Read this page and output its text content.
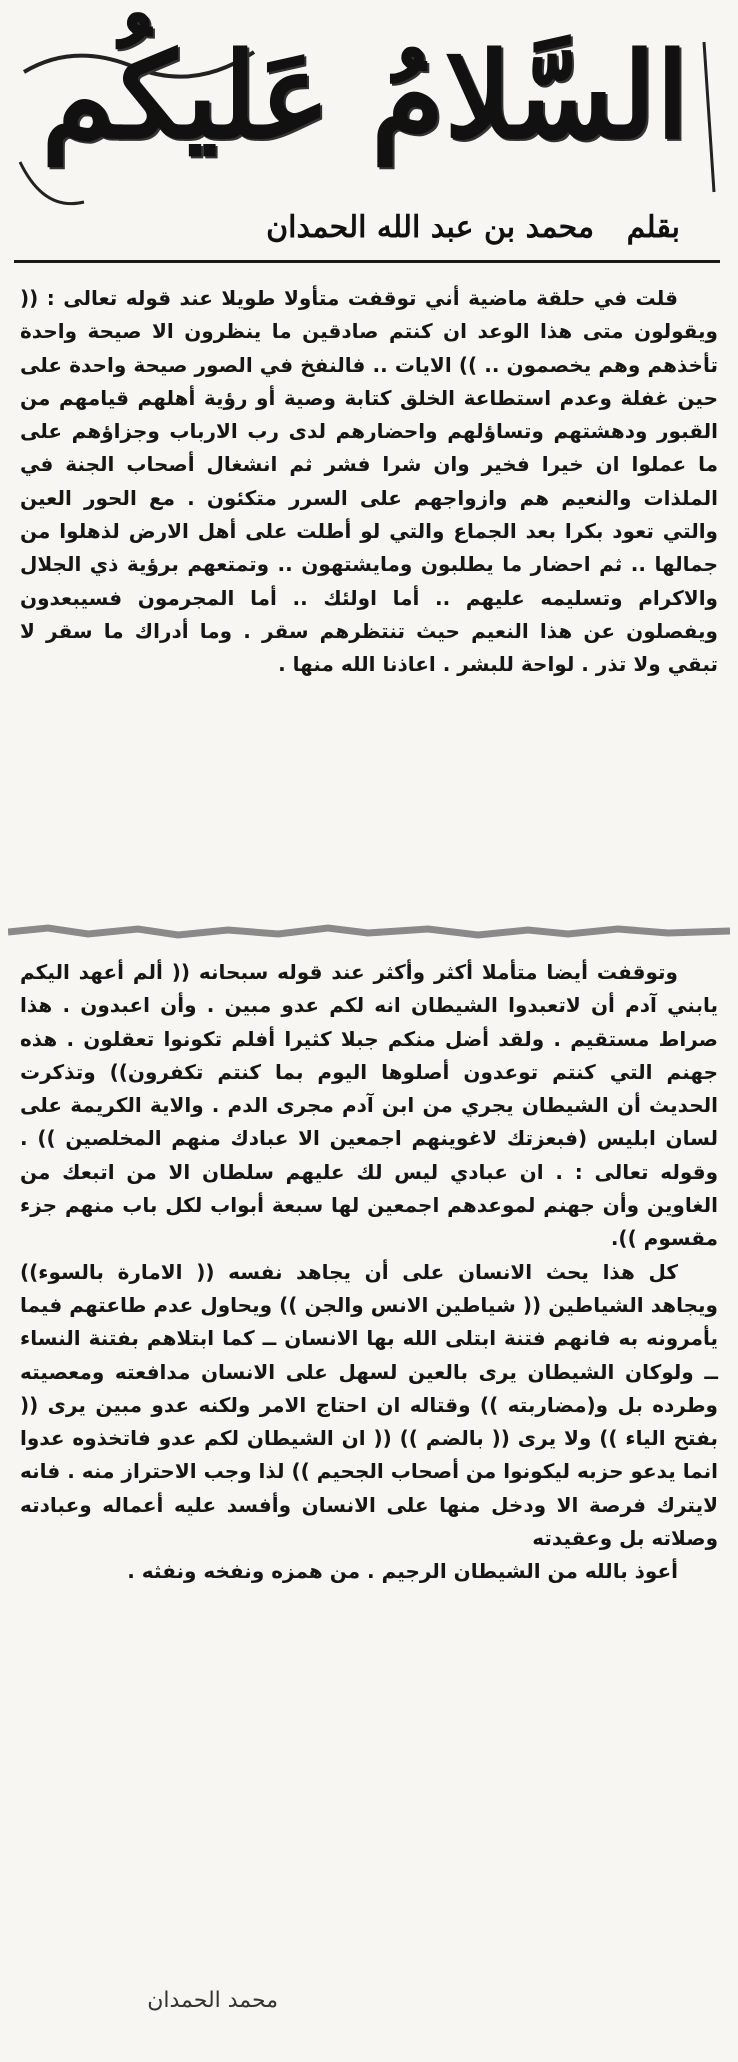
السَّلامُ عَليكُم
بقلم محمد بن عبد الله الحمدان

قلت في حلقة ماضية أني توقفت متأولا طويلا عند قوله تعالى : (( ويقولون متى هذا الوعد ان كنتم صادقين ما ينظرون الا صيحة واحدة تأخذهم وهم يخصمون .. )) الايات .. فالنفخ في الصور صيحة واحدة على حين غفلة وعدم استطاعة الخلق كتابة وصية أو رؤية أهلهم قيامهم من القبور ودهشتهم وتساؤلهم واحضارهم لدى رب الارباب وجزاؤهم على ما عملوا ان خيرا فخير وان شرا فشر ثم انشغال أصحاب الجنة في الملذات والنعيم هم وازواجهم على السرر متكئون . مع الحور العين والتي تعود بكرا بعد الجماع والتي لو أطلت على أهل الارض لذهلوا من جمالها .. ثم احضار ما يطلبون ومايشتهون .. وتمتعهم برؤية ذي الجلال والاكرام وتسليمه عليهم .. أما اولئك .. أما المجرمون فسيبعدون ويفصلون عن هذا النعيم حيث تنتظرهم سقر . وما أدراك ما سقر لا تبقي ولا تذر . لواحة للبشر . اعاذنا الله منها .

وتوقفت أيضا متأملا أكثر وأكثر عند قوله سبحانه (( ألم أعهد اليكم يابني آدم أن لاتعبدوا الشيطان انه لكم عدو مبين . وأن اعبدون . هذا صراط مستقيم . ولقد أضل منكم جبلا كثيرا أفلم تكونوا تعقلون . هذه جهنم التي كنتم توعدون أصلوها اليوم بما كنتم تكفرون)) وتذكرت الحديث أن الشيطان يجري من ابن آدم مجرى الدم . والاية الكريمة على لسان ابليس (فبعزتك لاغوينهم اجمعين الا عبادك منهم المخلصين )) . وقوله تعالى : . ان عبادي ليس لك عليهم سلطان الا من اتبعك من الغاوين وأن جهنم لموعدهم اجمعين لها سبعة أبواب لكل باب منهم جزء مقسوم )).

كل هذا يحث الانسان على أن يجاهد نفسه (( الامارة بالسوء)) ويجاهد الشياطين (( شياطين الانس والجن )) ويحاول عدم طاعتهم فيما يأمرونه به فانهم فتنة ابتلى الله بها الانسان ــ كما ابتلاهم بفتنة النساء ــ ولوكان الشيطان يرى بالعين لسهل على الانسان مدافعته ومعصيته وطرده بل و(مضاربته )) وقتاله ان احتاج الامر ولكنه عدو مبين يرى (( بفتح الياء )) ولا يرى (( بالضم )) (( ان الشيطان لكم عدو فاتخذوه عدوا انما يدعو حزبه ليكونوا من أصحاب الجحيم )) لذا وجب الاحتراز منه . فانه لايترك فرصة الا ودخل منها على الانسان وأفسد عليه أعماله وعبادته وصلاته بل وعقيدته

أعوذ بالله من الشيطان الرجيم . من همزه ونفخه ونفثه .

محمد الحمدان
